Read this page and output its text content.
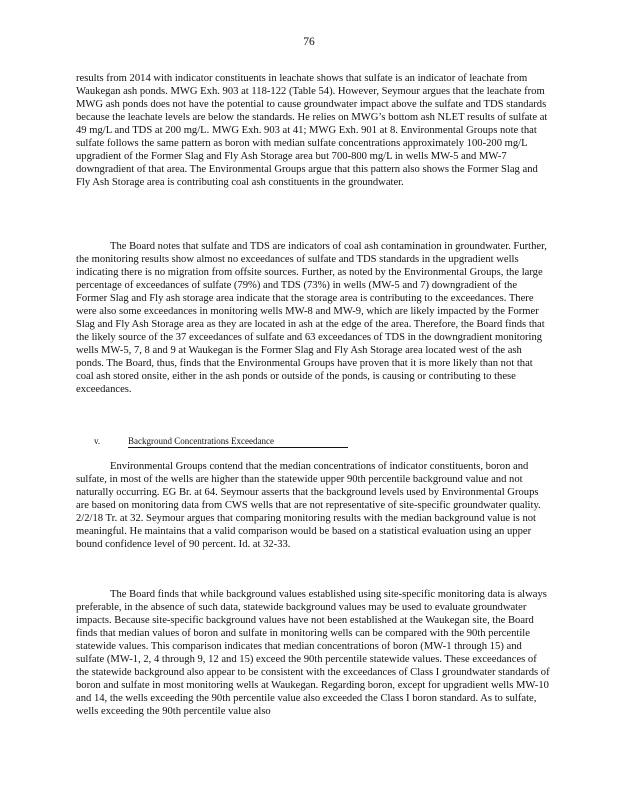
76

results from 2014 with indicator constituents in leachate shows that sulfate is an indicator of leachate from Waukegan ash ponds. MWG Exh. 903 at 118-122 (Table 54). However, Seymour argues that the leachate from MWG ash ponds does not have the potential to cause groundwater impact above the sulfate and TDS standards because the leachate levels are below the standards. He relies on MWG’s bottom ash NLET results of sulfate at 49 mg/L and TDS at 200 mg/L. MWG Exh. 903 at 41; MWG Exh. 901 at 8. Environmental Groups note that sulfate follows the same pattern as boron with median sulfate concentrations approximately 100-200 mg/L upgradient of the Former Slag and Fly Ash Storage area but 700-800 mg/L in wells MW-5 and MW-7 downgradient of that area. The Environmental Groups argue that this pattern also shows the Former Slag and Fly Ash Storage area is contributing coal ash constituents in the groundwater.

The Board notes that sulfate and TDS are indicators of coal ash contamination in groundwater. Further, the monitoring results show almost no exceedances of sulfate and TDS standards in the upgradient wells indicating there is no migration from offsite sources. Further, as noted by the Environmental Groups, the large percentage of exceedances of sulfate (79%) and TDS (73%) in wells (MW-5 and 7) downgradient of the Former Slag and Fly ash storage area indicate that the storage area is contributing to the exceedances. There were also some exceedances in monitoring wells MW-8 and MW-9, which are likely impacted by the Former Slag and Fly Ash Storage area as they are located in ash at the edge of the area. Therefore, the Board finds that the likely source of the 37 exceedances of sulfate and 63 exceedances of TDS in the downgradient monitoring wells MW-5, 7, 8 and 9 at Waukegan is the Former Slag and Fly Ash Storage area located west of the ash ponds. The Board, thus, finds that the Environmental Groups have proven that it is more likely than not that coal ash stored onsite, either in the ash ponds or outside of the ponds, is causing or contributing to these exceedances.

v.	Background Concentrations Exceedance

Environmental Groups contend that the median concentrations of indicator constituents, boron and sulfate, in most of the wells are higher than the statewide upper 90th percentile background value and not naturally occurring. EG Br. at 64. Seymour asserts that the background levels used by Environmental Groups are based on monitoring data from CWS wells that are not representative of site-specific groundwater quality. 2/2/18 Tr. at 32. Seymour argues that comparing monitoring results with the median background value is not meaningful. He maintains that a valid comparison would be based on a statistical evaluation using an upper bound confidence level of 90 percent. Id. at 32-33.

The Board finds that while background values established using site-specific monitoring data is always preferable, in the absence of such data, statewide background values may be used to evaluate groundwater impacts. Because site-specific background values have not been established at the Waukegan site, the Board finds that median values of boron and sulfate in monitoring wells can be compared with the 90th percentile statewide values. This comparison indicates that median concentrations of boron (MW-1 through 15) and sulfate (MW-1, 2, 4 through 9, 12 and 15) exceed the 90th percentile statewide values. These exceedances of the statewide background also appear to be consistent with the exceedances of Class I groundwater standards of boron and sulfate in most monitoring wells at Waukegan. Regarding boron, except for upgradient wells MW-10 and 14, the wells exceeding the 90th percentile value also exceeded the Class I boron standard. As to sulfate, wells exceeding the 90th percentile value also
